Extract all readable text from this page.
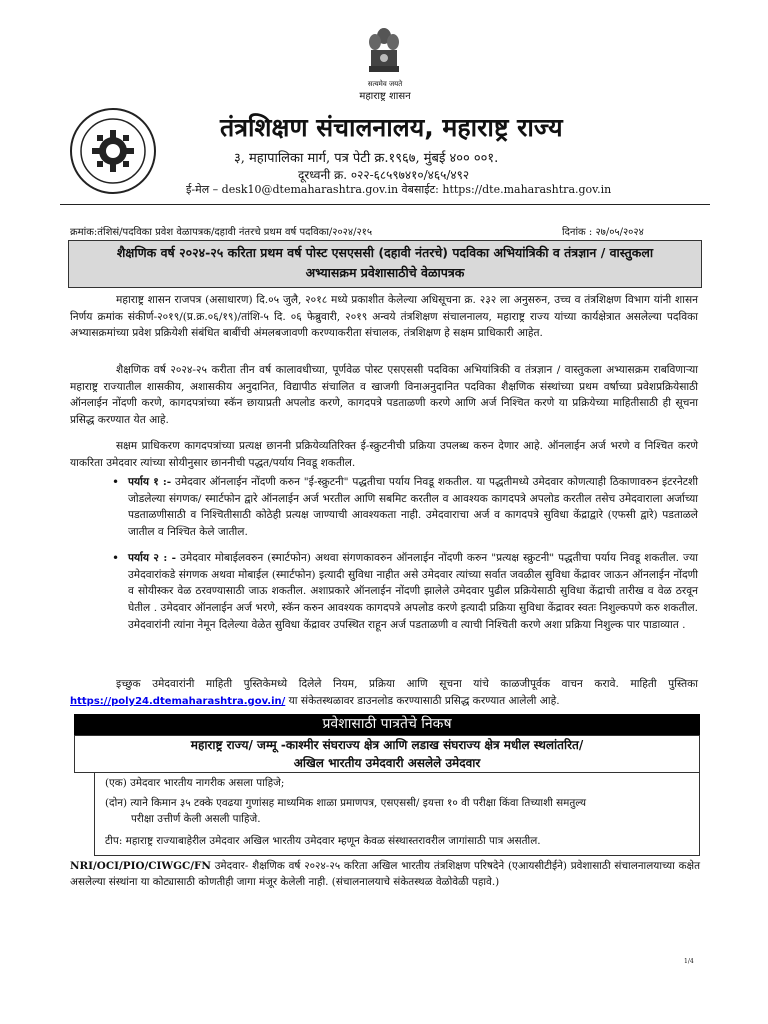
सत्यमेव जयते
महाराष्ट्र शासन
तंत्रशिक्षण संचालनालय, महाराष्ट्र राज्य
३, महापालिका मार्ग, पत्र पेटी क्र.१९६७, मुंबई ४०० ००१.
दूरध्वनी क्र. ०२२-६८५९७४१०/४६५/४९२
ई-मेल – desk10@dtemaharashtra.gov.in वेबसाईट: https://dte.maharashtra.gov.in
क्रमांक:तंशिसं/पदविका प्रवेश वेळापत्रक/दहावी नंतरचे प्रथम वर्ष पदविका/२०२४/२१५	दिनांक : २७/०५/२०२४
शैक्षणिक वर्ष २०२४-२५ करिता प्रथम वर्ष पोस्ट एसएससी (दहावी नंतरचे) पदविका अभियांत्रिकी व तंत्रज्ञान / वास्तुकला
अभ्यासक्रम प्रवेशासाठीचे वेळापत्रक
महाराष्ट्र शासन राजपत्र (असाधारण) दि.०५ जुलै, २०१८ मध्ये प्रकाशीत केलेल्या अधिसूचना क्र. २३२ ला अनुसरुन, उच्च व तंत्रशिक्षण विभाग यांनी शासन निर्णय क्रमांक संकीर्ण-२०१९/(प्र.क्र.०६/१९)/तांशि-५ दि. ०६ फेब्रुवारी, २०१९ अन्वये तंत्रशिक्षण संचालनालय, महाराष्ट्र राज्य यांच्या कार्यक्षेत्रात असलेल्या पदविका अभ्यासक्रमांच्या प्रवेश प्रक्रियेशी संबंधित बाबींची अंमलबजावणी करण्याकरीता संचालक, तंत्रशिक्षण हे सक्षम प्राधिकारी आहेत.
शैक्षणिक वर्ष २०२४-२५ करीता तीन वर्ष कालावधीच्या, पूर्णवेळ पोस्ट एसएससी पदविका अभियांत्रिकी व तंत्रज्ञान / वास्तुकला अभ्यासक्रम राबविणाऱ्या महाराष्ट्र राज्यातील शासकीय, अशासकीय अनुदानित, विद्यापीठ संचालित व खाजगी विनाअनुदानित पदविका शैक्षणिक संस्थांच्या प्रथम वर्षाच्या प्रवेशप्रक्रियेसाठी ऑनलाईन नोंदणी करणे, कागदपत्रांच्या स्कॅन छायाप्रती अपलोड करणे, कागदपत्रे पडताळणी करणे आणि अर्ज निश्चित करणे या प्रक्रियेच्या माहितीसाठी ही सूचना प्रसिद्ध करण्यात येत आहे.
सक्षम प्राधिकरण कागदपत्रांच्या प्रत्यक्ष छाननी प्रक्रियेव्यतिरिक्त ई-स्क्रुटनीची प्रक्रिया उपलब्ध करुन देणार आहे. ऑनलाईन अर्ज भरणे व निश्चित करणे याकरिता उमेदवार त्यांच्या सोयीनुसार छाननीची पद्धत/पर्याय निवडू शकतील.
• पर्याय १ :- उमेदवार ऑनलाईन नोंदणी करुन "ई-स्क्रुटनी" पद्धतीचा पर्याय निवडू शकतील. या पद्धतीमध्ये उमेदवार कोणत्याही ठिकाणावरुन इंटरनेटशी जोडलेल्या संगणक/ स्मार्टफोन द्वारे ऑनलाईन अर्ज भरतील आणि सबमिट करतील व आवश्यक कागदपत्रे अपलोड करतील तसेच उमेदवाराला अर्जाच्या पडताळणीसाठी व निश्चितीसाठी कोठेही प्रत्यक्ष जाण्याची आवश्यकता नाही. उमेदवाराचा अर्ज व कागदपत्रे सुविधा केंद्राद्वारे (एफसी द्वारे) पडताळले जातील व निश्चित केले जातील.
• पर्याय २ : - उमेदवार मोबाईलवरुन (स्मार्टफोन) अथवा संगणकावरुन ऑनलाईन नोंदणी करुन "प्रत्यक्ष स्क्रुटनी" पद्धतीचा पर्याय निवडू शकतील. ज्या उमेदवारांकडे संगणक अथवा मोबाईल (स्मार्टफोन) इत्यादी सुविधा नाहीत असे उमेदवार त्यांच्या सर्वात जवळील सुविधा केंद्रावर जाऊन ऑनलाईन नोंदणी व सोयीस्कर वेळ ठरवण्यासाठी जाऊ शकतील. अशाप्रकारे ऑनलाईन नोंदणी झालेले उमेदवार पुढील प्रक्रियेसाठी सुविधा केंद्राची तारीख व वेळ ठरवून घेतील . उमेदवार ऑनलाईन अर्ज भरणे, स्कॅन करुन आवश्यक कागदपत्रे अपलोड करणे इत्यादी प्रक्रिया सुविधा केंद्रावर स्वतः निशुल्कपणे करु शकतील. उमेदवारांनी त्यांना नेमून दिलेल्या वेळेत सुविधा केंद्रावर उपस्थित राहून अर्ज पडताळणी व त्याची निश्चिती करणे अशा प्रक्रिया निशुल्क पार पाडाव्यात .
इच्छुक उमेदवारांनी माहिती पुस्तिकेमध्ये दिलेले नियम, प्रक्रिया आणि सूचना यांचे काळजीपूर्वक वाचन करावे. माहिती पुस्तिका https://poly24.dtemaharashtra.gov.in/ या संकेतस्थळावर डाउनलोड करण्यासाठी प्रसिद्ध करण्यात आलेली आहे.
प्रवेशासाठी पात्रतेचे निकष
महाराष्ट्र राज्य/ जम्मू -काश्मीर संघराज्य क्षेत्र आणि लडाख संघराज्य क्षेत्र मधील स्थलांतरित/
अखिल भारतीय उमेदवारी असलेले उमेदवार
(एक) उमेदवार भारतीय नागरीक असला पाहिजे;
(दोन) त्याने किमान ३५ टक्के एवढया गुणांसह माध्यमिक शाळा प्रमाणपत्र, एसएससी/ इयत्ता १० वी परीक्षा किंवा तिच्याशी समतुल्य
परीक्षा उत्तीर्ण केली असली पाहिजे.
टीप: महाराष्ट्र राज्याबाहेरील उमेदवार अखिल भारतीय उमेदवार म्हणून केवळ संस्थास्तरावरील जागांसाठी पात्र असतील.
NRI/OCI/PIO/CIWGC/FN उमेदवार- शैक्षणिक वर्ष २०२४-२५ करिता अखिल भारतीय तंत्रशिक्षण परिषदेने (एआयसीटीईने) प्रवेशासाठी संचालनालयाच्या कक्षेत असलेल्या संस्थांना या कोट्यासाठी कोणतीही जागा मंजूर केलेली नाही. (संचालनालयाचे संकेतस्थळ वेळोवेळी पहावे.)
1/4
